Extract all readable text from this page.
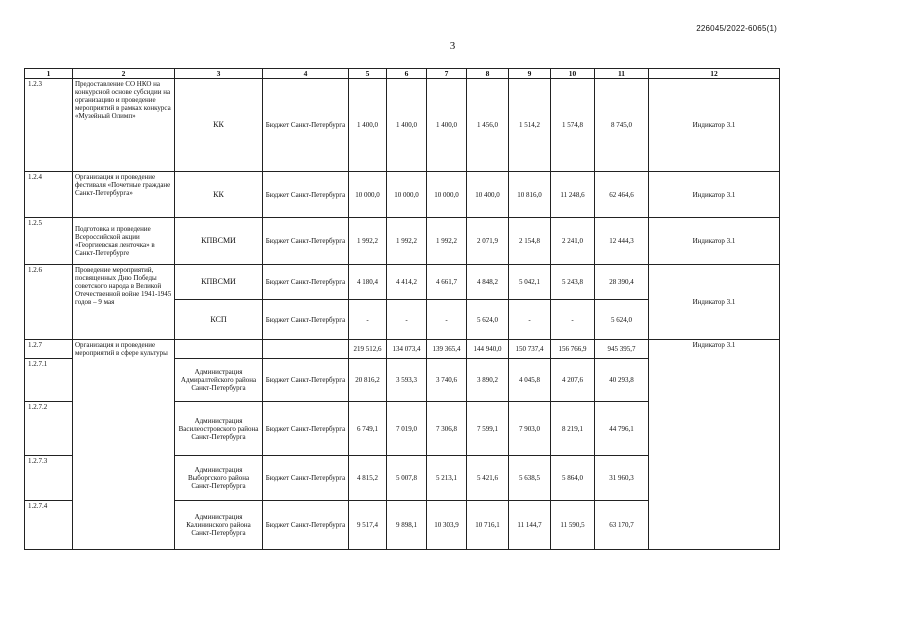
226045/2022-6065(1)
3
1	2	3	4	5	6	7	8	9	10	11	12
1.2.3	Предоставление СО НКО на конкурсной основе субсидии на организацию и проведение мероприятий в рамках конкурса «Музейный Олимп»	КК	Бюджет Санкт-Петербурга	1 400,0	1 400,0	1 400,0	1 456,0	1 514,2	1 574,8	8 745,0	Индикатор 3.1
1.2.4	Организация и проведение фестиваля «Почетные граждане Санкт-Петербурга»	КК	Бюджет Санкт-Петербурга	10 000,0	10 000,0	10 000,0	10 400,0	10 816,0	11 248,6	62 464,6	Индикатор 3.1
1.2.5	Подготовка и проведение Всероссийской акции «Георгиевская ленточка» в Санкт-Петербурге	КПВСМИ	Бюджет Санкт-Петербурга	1 992,2	1 992,2	1 992,2	2 071,9	2 154,8	2 241,0	12 444,3	Индикатор 3.1
1.2.6	Проведение мероприятий, посвященных Дню Победы советского народа в Великой Отечественной войне 1941-1945 годов – 9 мая	КПВСМИ	Бюджет Санкт-Петербурга	4 180,4	4 414,2	4 661,7	4 848,2	5 042,1	5 243,8	28 390,4	Индикатор 3.1
		КСП	Бюджет Санкт-Петербурга	-	-	-	5 624,0	-	-	5 624,0	
1.2.7	Организация и проведение мероприятий в сфере культуры			219 512,6	134 073,4	139 365,4	144 940,0	150 737,4	156 766,9	945 395,7	Индикатор 3.1
1.2.7.1		Администрация Адмиралтейского района Санкт-Петербурга	Бюджет Санкт-Петербурга	20 816,2	3 593,3	3 740,6	3 890,2	4 045,8	4 207,6	40 293,8	
1.2.7.2		Администрация Василеостровского района Санкт-Петербурга	Бюджет Санкт-Петербурга	6 749,1	7 019,0	7 306,8	7 599,1	7 903,0	8 219,1	44 796,1	
1.2.7.3		Администрация Выборгского района Санкт-Петербурга	Бюджет Санкт-Петербурга	4 815,2	5 007,8	5 213,1	5 421,6	5 638,5	5 864,0	31 960,3	
1.2.7.4		Администрация Калининского района Санкт-Петербурга	Бюджет Санкт-Петербурга	9 517,4	9 898,1	10 303,9	10 716,1	11 144,7	11 590,5	63 170,7	
